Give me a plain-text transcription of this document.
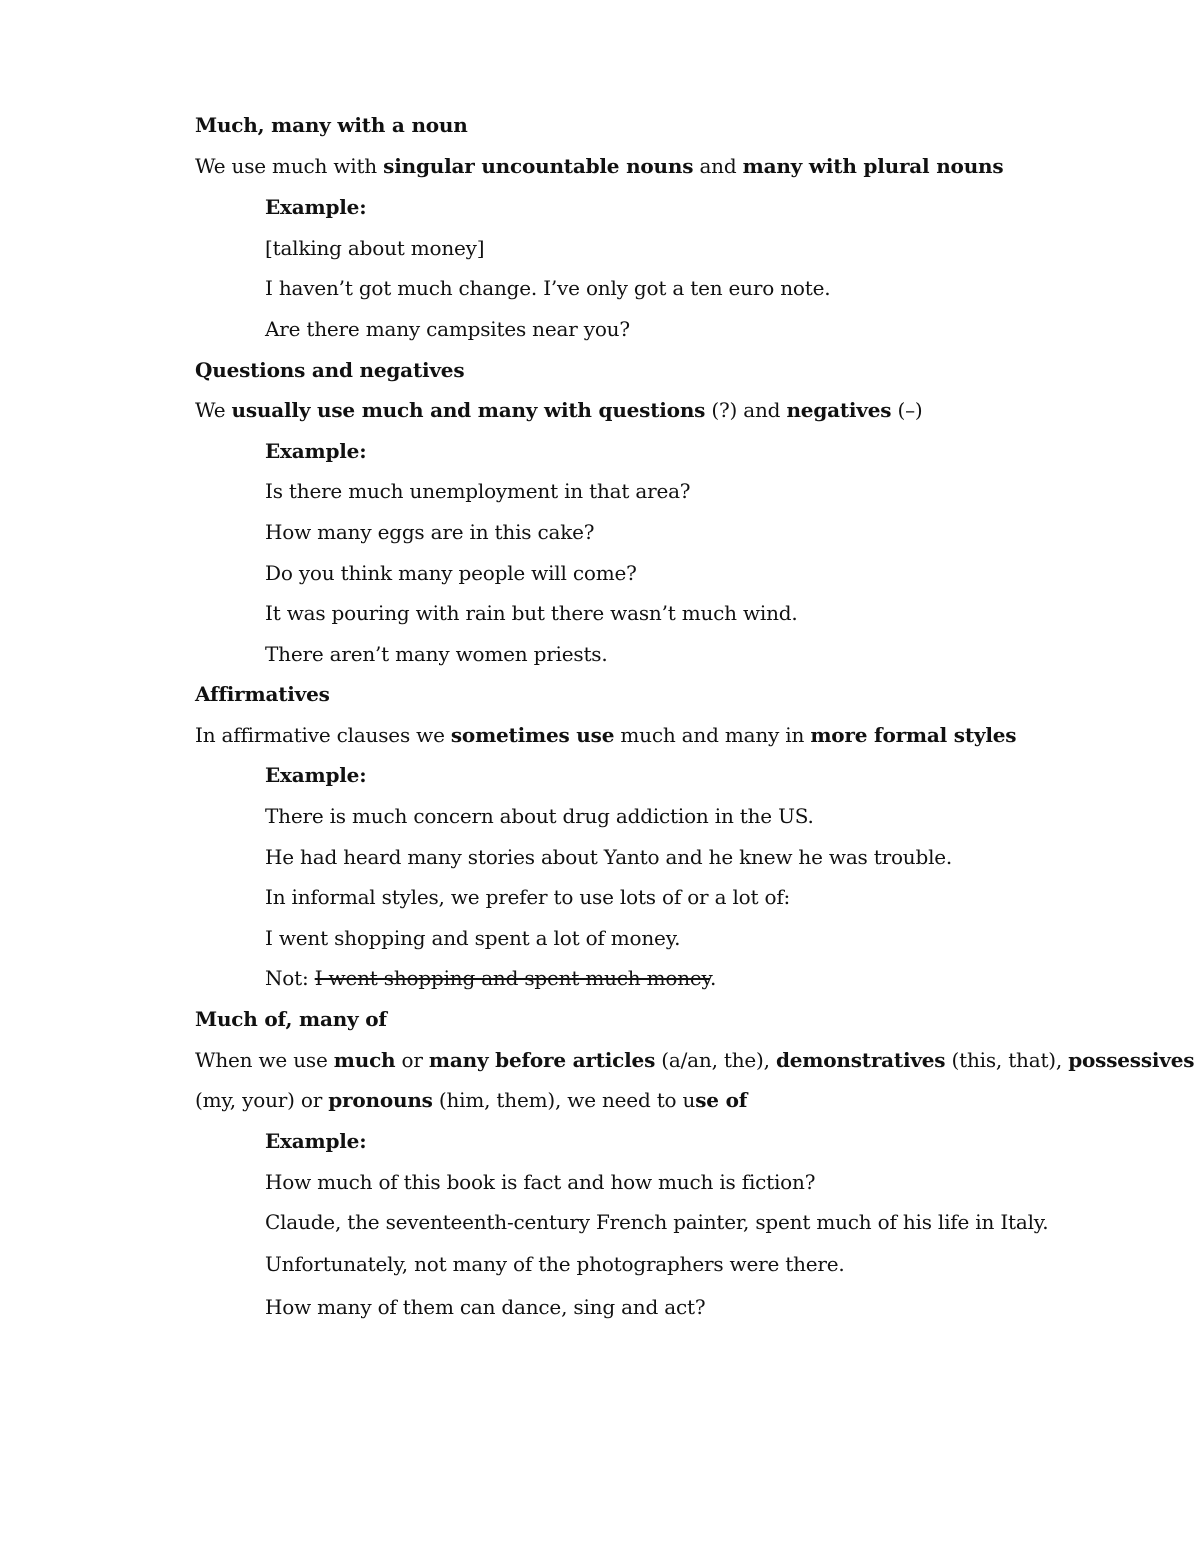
Much, many with a noun
We use much with singular uncountable nouns and many with plural nouns
Example:
[talking about money]
I haven’t got much change. I’ve only got a ten euro note.
Are there many campsites near you?
Questions and negatives
We usually use much and many with questions (?) and negatives (–)
Example:
Is there much unemployment in that area?
How many eggs are in this cake?
Do you think many people will come?
It was pouring with rain but there wasn’t much wind.
There aren’t many women priests.
Affirmatives
In affirmative clauses we sometimes use much and many in more formal styles
Example:
There is much concern about drug addiction in the US.
He had heard many stories about Yanto and he knew he was trouble.
In informal styles, we prefer to use lots of or a lot of:
I went shopping and spent a lot of money.
Not: I went shopping and spent much money.
Much of, many of
When we use much or many before articles (a/an, the), demonstratives (this, that), possessives
(my, your) or pronouns (him, them), we need to use of
Example:
How much of this book is fact and how much is fiction?
Claude, the seventeenth-century French painter, spent much of his life in Italy.
Unfortunately, not many of the photographers were there.
How many of them can dance, sing and act?
